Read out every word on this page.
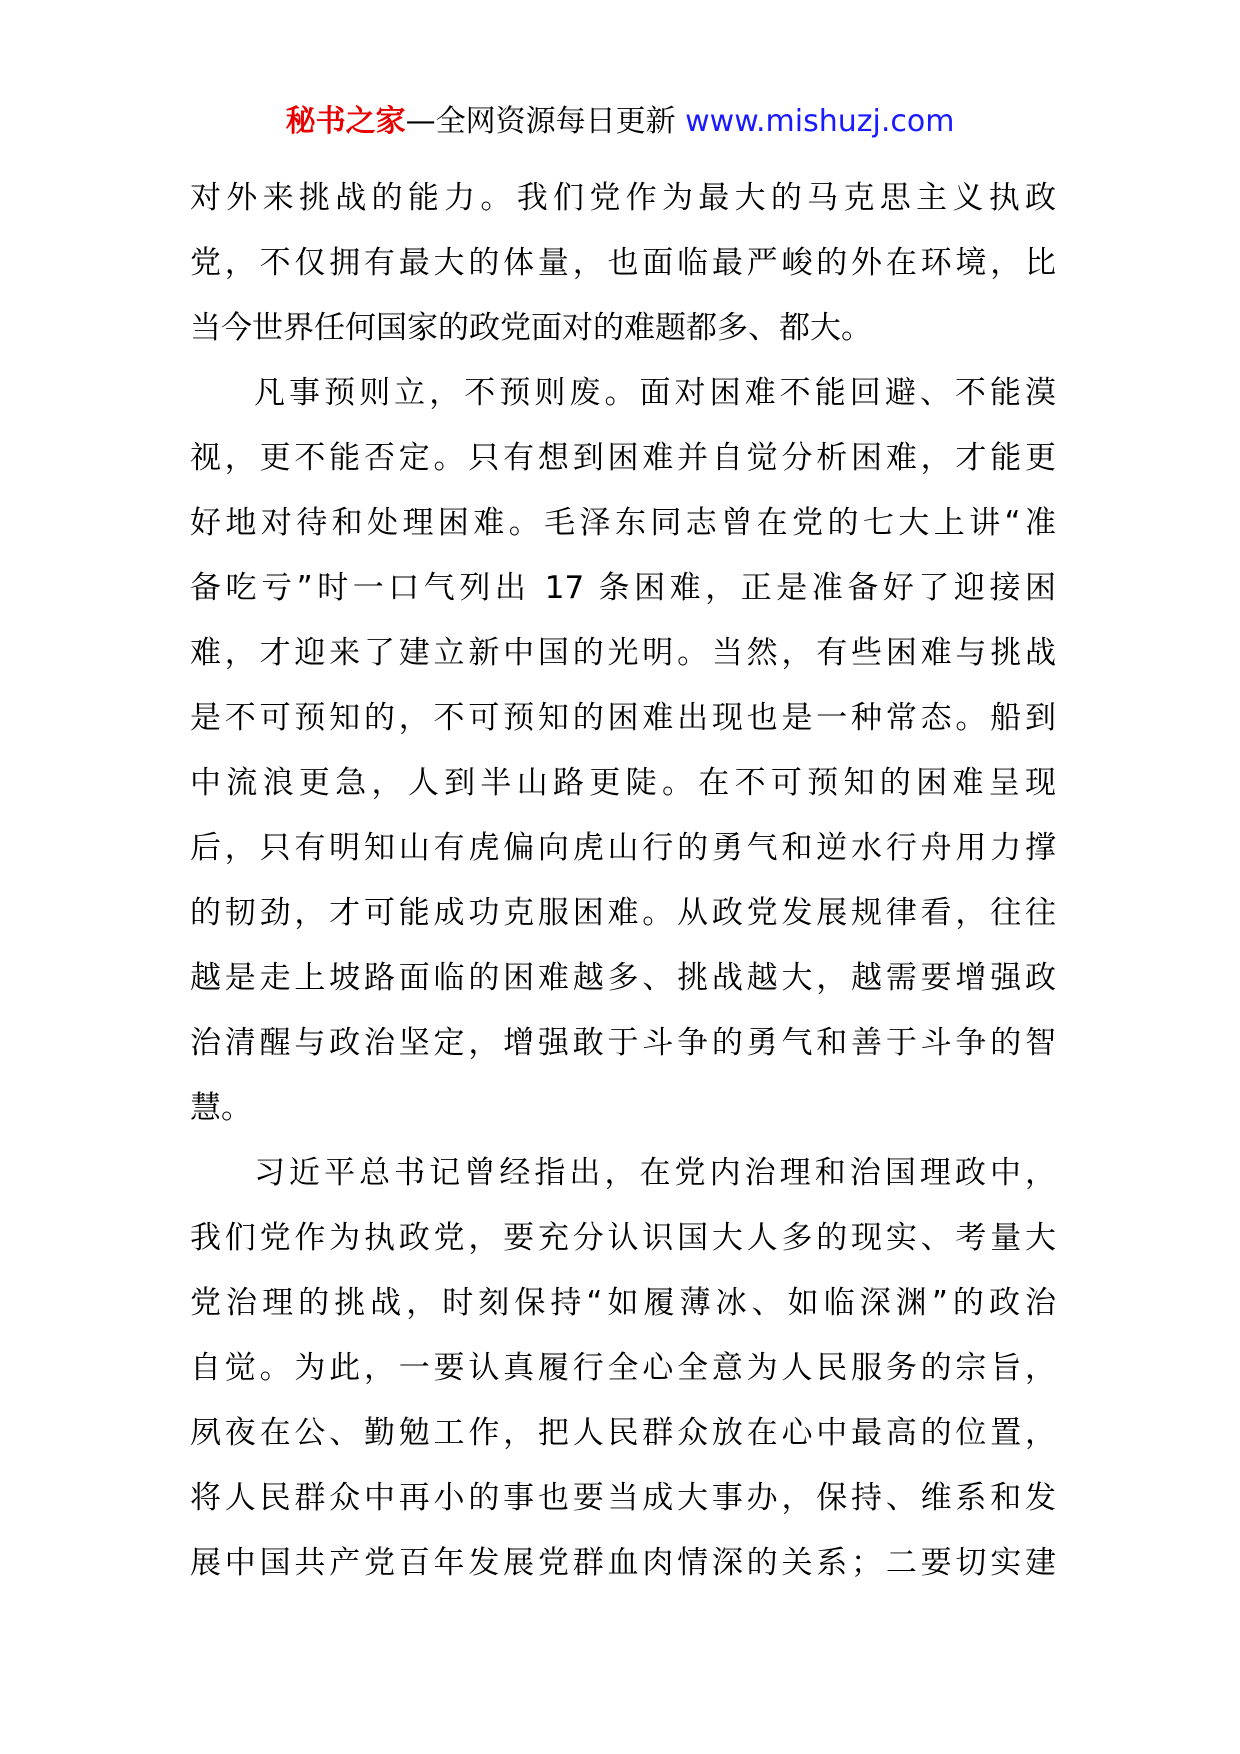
秘书之家—全网资源每日更新 www.mishuzj.com
对外来挑战的能力。我们党作为最大的马克思主义执政
党，不仅拥有最大的体量，也面临最严峻的外在环境，比
当今世界任何国家的政党面对的难题都多、都大。
凡事预则立，不预则废。面对困难不能回避、不能漠
视，更不能否定。只有想到困难并自觉分析困难，才能更
好地对待和处理困难。毛泽东同志曾在党的七大上讲“准
备吃亏”时一口气列出 17 条困难，正是准备好了迎接困
难，才迎来了建立新中国的光明。当然，有些困难与挑战
是不可预知的，不可预知的困难出现也是一种常态。船到
中流浪更急，人到半山路更陡。在不可预知的困难呈现
后，只有明知山有虎偏向虎山行的勇气和逆水行舟用力撑
的韧劲，才可能成功克服困难。从政党发展规律看，往往
越是走上坡路面临的困难越多、挑战越大，越需要增强政
治清醒与政治坚定，增强敢于斗争的勇气和善于斗争的智
慧。
习近平总书记曾经指出，在党内治理和治国理政中，
我们党作为执政党，要充分认识国大人多的现实、考量大
党治理的挑战，时刻保持“如履薄冰、如临深渊”的政治
自觉。为此，一要认真履行全心全意为人民服务的宗旨，
夙夜在公、勤勉工作，把人民群众放在心中最高的位置，
将人民群众中再小的事也要当成大事办，保持、维系和发
展中国共产党百年发展党群血肉情深的关系；二要切实建
